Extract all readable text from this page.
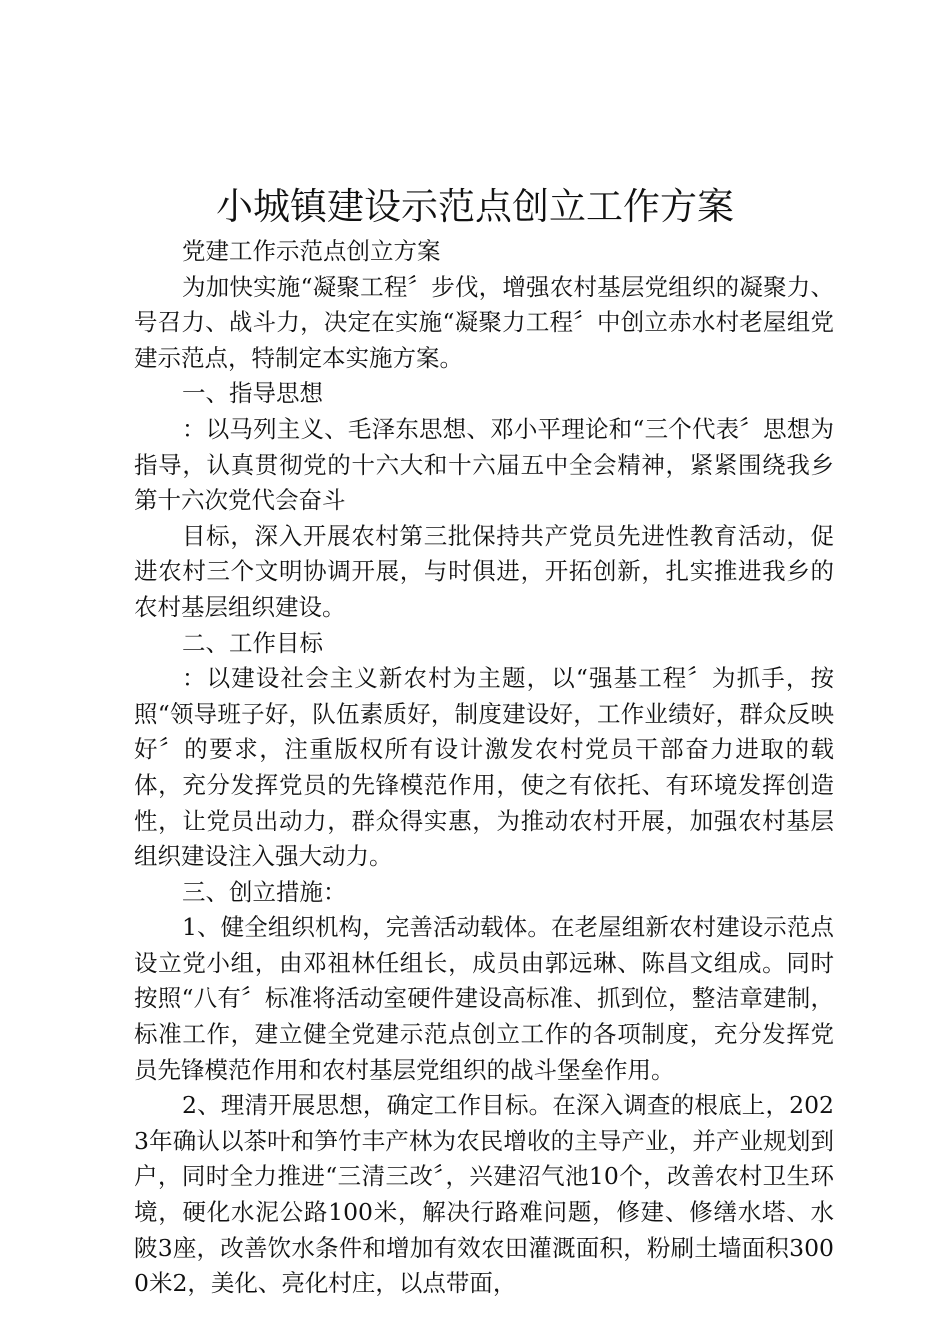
小城镇建设示范点创立工作方案

党建工作示范点创立方案

为加快实施“凝聚工程〞步伐，增强农村基层党组织的凝聚力、号召力、战斗力，决定在实施“凝聚力工程〞中创立赤水村老屋组党建示范点，特制定本实施方案。

一、指导思想

：以马列主义、毛泽东思想、邓小平理论和“三个代表〞思想为指导，认真贯彻党的十六大和十六届五中全会精神，紧紧围绕我乡第十六次党代会奋斗

目标，深入开展农村第三批保持共产党员先进性教育活动，促进农村三个文明协调开展，与时俱进，开拓创新，扎实推进我乡的农村基层组织建设。

二、工作目标

：以建设社会主义新农村为主题，以“强基工程〞为抓手，按照“领导班子好，队伍素质好，制度建设好，工作业绩好，群众反映好〞的要求，注重版权所有设计激发农村党员干部奋力进取的载体，充分发挥党员的先锋模范作用，使之有依托、有环境发挥创造性，让党员出动力，群众得实惠，为推动农村开展，加强农村基层组织建设注入强大动力。

三、创立措施：

1、健全组织机构，完善活动载体。在老屋组新农村建设示范点设立党小组，由邓祖林任组长，成员由郭远琳、陈昌文组成。同时按照“八有〞标准将活动室硬件建设高标准、抓到位，整洁章建制，标准工作，建立健全党建示范点创立工作的各项制度，充分发挥党员先锋模范作用和农村基层党组织的战斗堡垒作用。

2、理清开展思想，确定工作目标。在深入调查的根底上，2023年确认以茶叶和笋竹丰产林为农民增收的主导产业，并产业规划到户，同时全力推进“三清三改〞，兴建沼气池10个，改善农村卫生环境，硬化水泥公路100米，解决行路难问题，修建、修缮水塔、水陂3座，改善饮水条件和增加有效农田灌溉面积，粉刷土墙面积3000米2，美化、亮化村庄，以点带面，
